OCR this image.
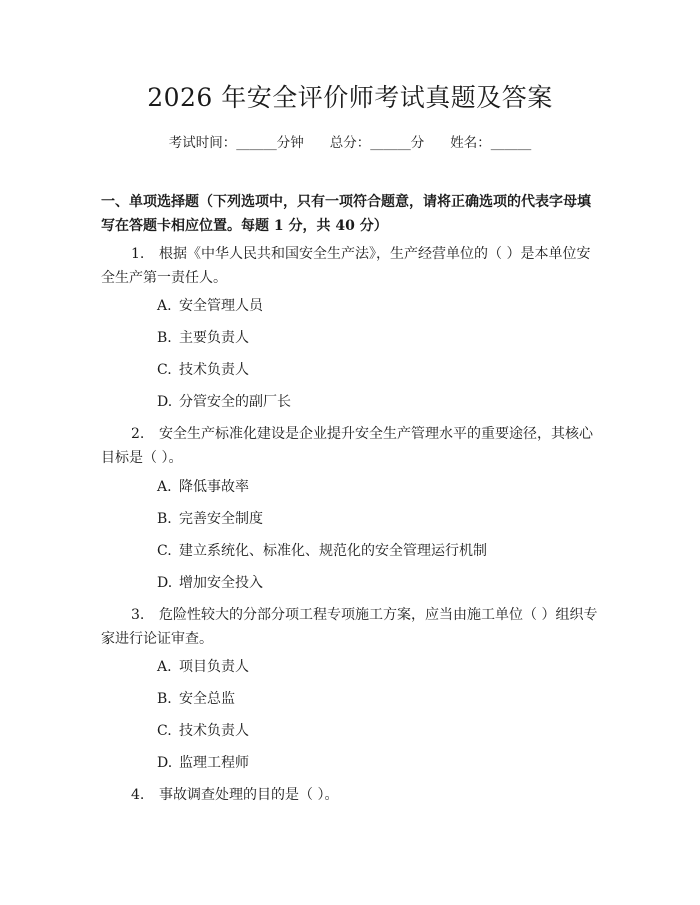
2026 年安全评价师考试真题及答案
考试时间：______分钟 总分：______分 姓名：______
一、单项选择题（下列选项中，只有一项符合题意，请将正确选项的代表字母填写在答题卡相应位置。每题 1 分，共 40 分）
1. 根据《中华人民共和国安全生产法》，生产经营单位的（ ）是本单位安全生产第一责任人。
A. 安全管理人员
B. 主要负责人
C. 技术负责人
D. 分管安全的副厂长
2. 安全生产标准化建设是企业提升安全生产管理水平的重要途径，其核心目标是（ ）。
A. 降低事故率
B. 完善安全制度
C. 建立系统化、标准化、规范化的安全管理运行机制
D. 增加安全投入
3. 危险性较大的分部分项工程专项施工方案，应当由施工单位（ ）组织专家进行论证审查。
A. 项目负责人
B. 安全总监
C. 技术负责人
D. 监理工程师
4. 事故调查处理的目的是（ ）。
